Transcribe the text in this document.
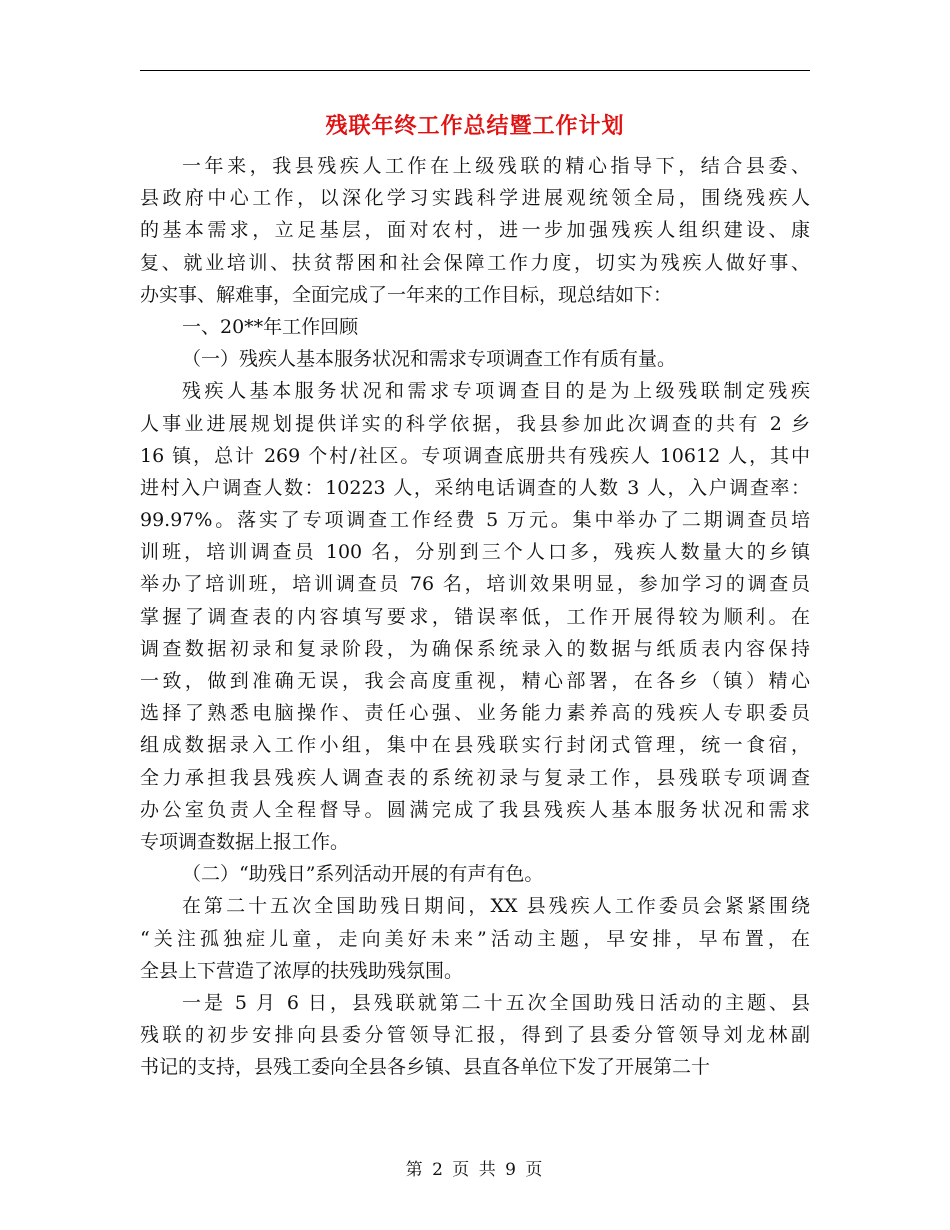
残联年终工作总结暨工作计划
一年来，我县残疾人工作在上级残联的精心指导下，结合县委、
县政府中心工作，以深化学习实践科学进展观统领全局，围绕残疾人
的基本需求，立足基层，面对农村，进一步加强残疾人组织建设、康
复、就业培训、扶贫帮困和社会保障工作力度，切实为残疾人做好事、
办实事、解难事，全面完成了一年来的工作目标，现总结如下：
一、20**年工作回顾
（一）残疾人基本服务状况和需求专项调查工作有质有量。
残疾人基本服务状况和需求专项调查目的是为上级残联制定残疾
人事业进展规划提供详实的科学依据，我县参加此次调查的共有 2 乡
16 镇，总计 269 个村/社区。专项调查底册共有残疾人 10612 人，其中
进村入户调查人数：10223 人，采纳电话调查的人数 3 人，入户调查率：
99.97%。落实了专项调查工作经费 5 万元。集中举办了二期调查员培
训班，培训调查员 100 名，分别到三个人口多，残疾人数量大的乡镇
举办了培训班，培训调查员 76 名，培训效果明显，参加学习的调查员
掌握了调查表的内容填写要求，错误率低，工作开展得较为顺利。在
调查数据初录和复录阶段，为确保系统录入的数据与纸质表内容保持
一致，做到准确无误，我会高度重视，精心部署，在各乡（镇）精心
选择了熟悉电脑操作、责任心强、业务能力素养高的残疾人专职委员
组成数据录入工作小组，集中在县残联实行封闭式管理，统一食宿，
全力承担我县残疾人调查表的系统初录与复录工作，县残联专项调查
办公室负责人全程督导。圆满完成了我县残疾人基本服务状况和需求
专项调查数据上报工作。
（二）“助残日”系列活动开展的有声有色。
在第二十五次全国助残日期间，XX 县残疾人工作委员会紧紧围绕
“关注孤独症儿童，走向美好未来”活动主题，早安排，早布置，在
全县上下营造了浓厚的扶残助残氛围。
一是 5 月 6 日，县残联就第二十五次全国助残日活动的主题、县
残联的初步安排向县委分管领导汇报，得到了县委分管领导刘龙林副
书记的支持，县残工委向全县各乡镇、县直各单位下发了开展第二十
第 2 页 共 9 页
